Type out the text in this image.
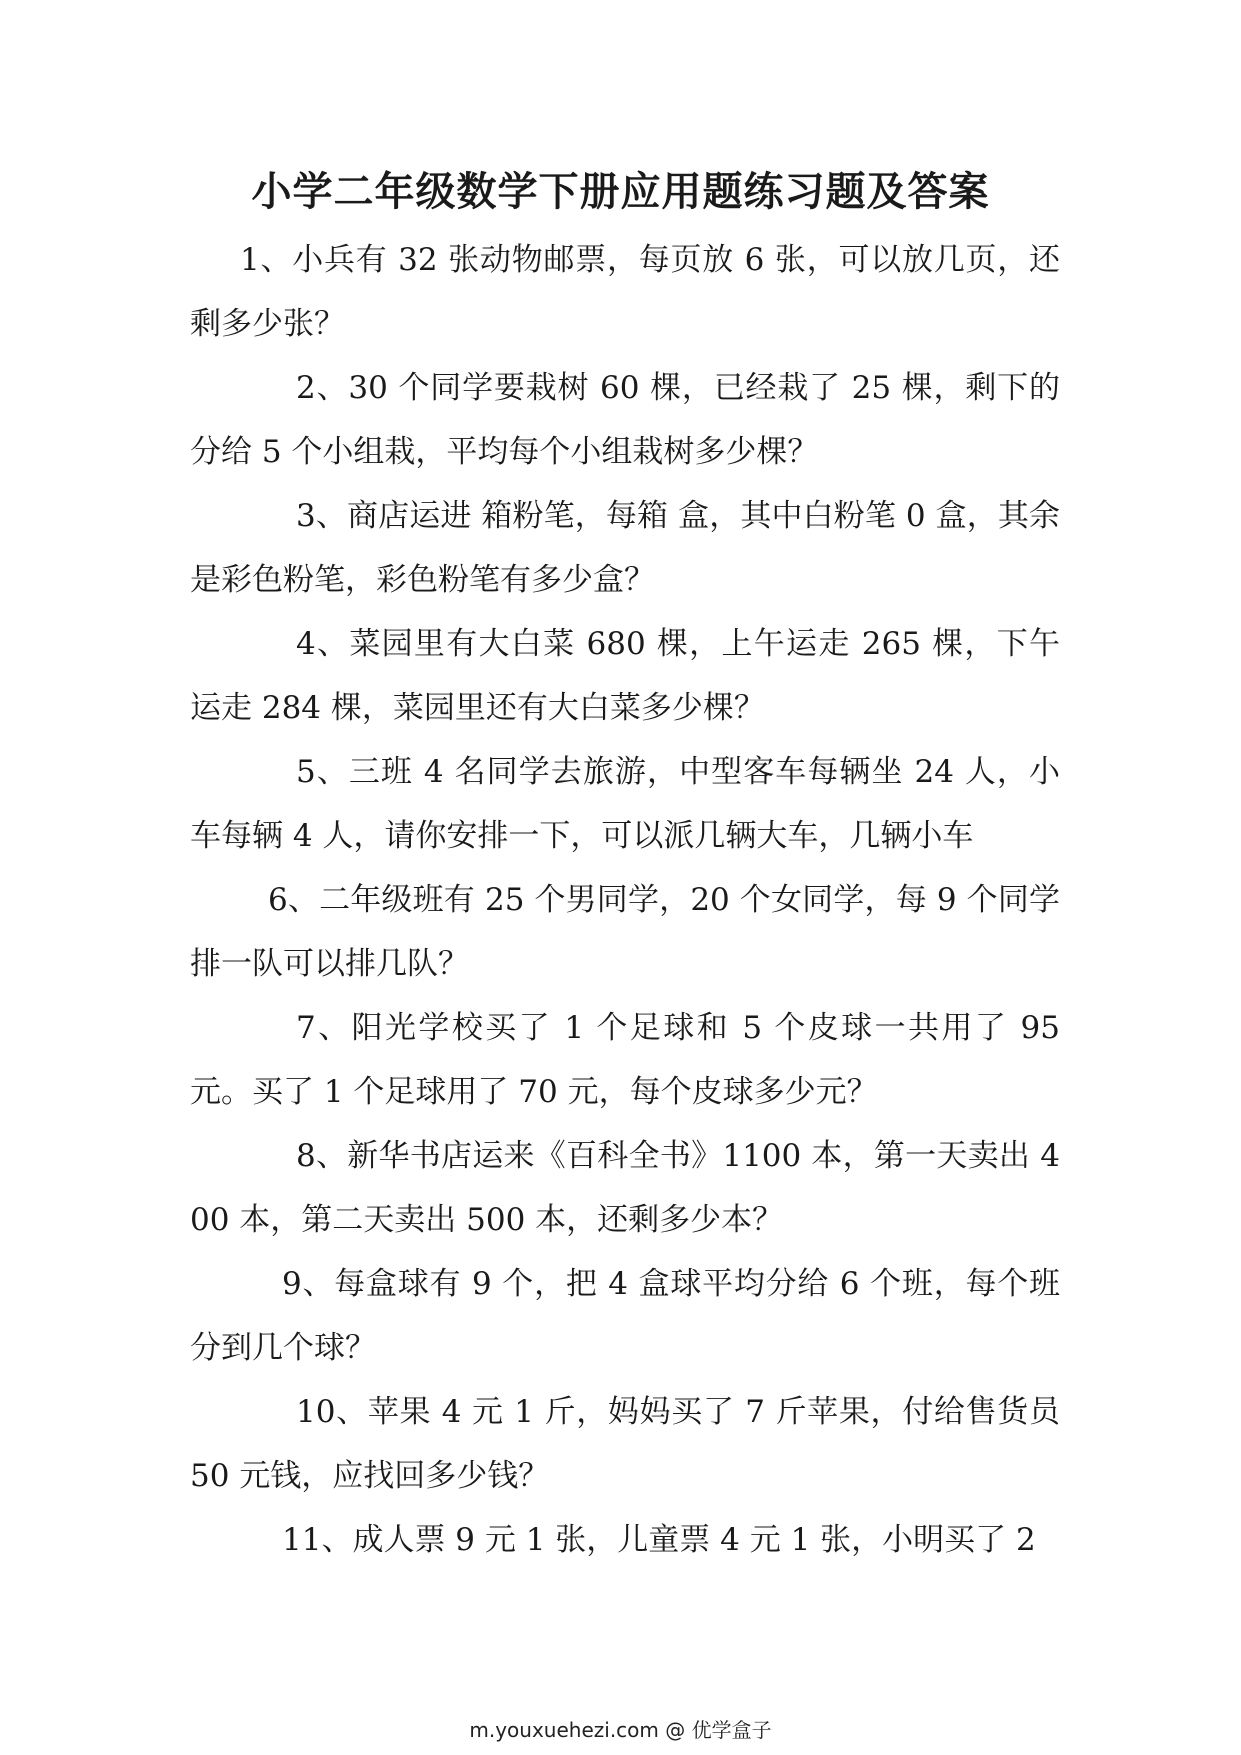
小学二年级数学下册应用题练习题及答案

1、小兵有 32 张动物邮票，每页放 6 张，可以放几页，还剩多少张？

2、30 个同学要栽树 60 棵，已经栽了 25 棵，剩下的分给 5 个小组栽，平均每个小组栽树多少棵？

3、商店运进 箱粉笔，每箱 盒，其中白粉笔 0 盒，其余是彩色粉笔，彩色粉笔有多少盒？

4、菜园里有大白菜 680 棵，上午运走 265 棵，下午运走 284 棵，菜园里还有大白菜多少棵？

5、三班 4 名同学去旅游，中型客车每辆坐 24 人，小车每辆 4 人，请你安排一下，可以派几辆大车，几辆小车

6、二年级班有 25 个男同学，20 个女同学，每 9 个同学排一队可以排几队？

7、阳光学校买了 1 个足球和 5 个皮球一共用了 95 元。买了 1 个足球用了 70 元，每个皮球多少元？

8、新华书店运来《百科全书》1100 本，第一天卖出 400 本，第二天卖出 500 本，还剩多少本？

9、每盒球有 9 个，把 4 盒球平均分给 6 个班，每个班分到几个球？

10、苹果 4 元 1 斤，妈妈买了 7 斤苹果，付给售货员 50 元钱，应找回多少钱？

11、成人票 9 元 1 张，儿童票 4 元 1 张，小明买了 2

m.youxuehezi.com @ 优学盒子
